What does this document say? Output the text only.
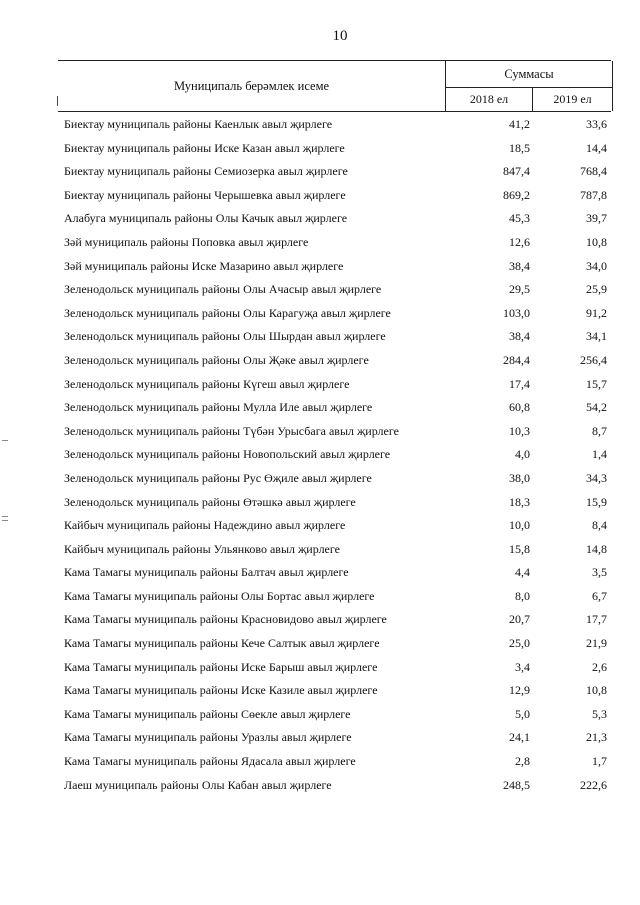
10
Муниципаль берәмлек исеме
Суммасы
2018 ел	2019 ел
Биектау муниципаль районы Каенлык авыл җирлеге	41,2	33,6
Биектау муниципаль районы Иске Казан авыл җирлеге	18,5	14,4
Биектау муниципаль районы Семиозерка авыл җирлеге	847,4	768,4
Биектау муниципаль районы Черышевка авыл җирлеге	869,2	787,8
Алабуга муниципаль районы Олы Качык авыл җирлеге	45,3	39,7
Зәй муниципаль районы Поповка авыл җирлеге	12,6	10,8
Зәй муниципаль районы Иске Мазарино авыл җирлеге	38,4	34,0
Зеленодольск муниципаль районы Олы Ачасыр авыл җирлеге	29,5	25,9
Зеленодольск муниципаль районы Олы Карагуҗа авыл җирлеге	103,0	91,2
Зеленодольск муниципаль районы Олы Шырдан авыл җирлеге	38,4	34,1
Зеленодольск муниципаль районы Олы Җәке авыл җирлеге	284,4	256,4
Зеленодольск муниципаль районы Күгеш авыл җирлеге	17,4	15,7
Зеленодольск муниципаль районы Мулла Иле авыл җирлеге	60,8	54,2
Зеленодольск муниципаль районы Түбән Урысбага авыл җирлеге	10,3	8,7
Зеленодольск муниципаль районы Новопольский авыл җирлеге	4,0	1,4
Зеленодольск муниципаль районы Рус Өҗиле авыл җирлеге	38,0	34,3
Зеленодольск муниципаль районы Өтәшкә авыл җирлеге	18,3	15,9
Кайбыч муниципаль районы Надеждино авыл җирлеге	10,0	8,4
Кайбыч муниципаль районы Ульянково авыл җирлеге	15,8	14,8
Кама Тамагы муниципаль районы Балтач авыл җирлеге	4,4	3,5
Кама Тамагы муниципаль районы Олы Бортас авыл җирлеге	8,0	6,7
Кама Тамагы муниципаль районы Красновидово авыл җирлеге	20,7	17,7
Кама Тамагы муниципаль районы Кече Салтык авыл җирлеге	25,0	21,9
Кама Тамагы муниципаль районы Иске Барыш авыл җирлеге	3,4	2,6
Кама Тамагы муниципаль районы Иске Казиле авыл җирлеге	12,9	10,8
Кама Тамагы муниципаль районы Сөекле авыл җирлеге	5,0	5,3
Кама Тамагы муниципаль районы Уразлы авыл җирлеге	24,1	21,3
Кама Тамагы муниципаль районы Ядасала авыл җирлеге	2,8	1,7
Лаеш муниципаль районы Олы Кабан авыл җирлеге	248,5	222,6
